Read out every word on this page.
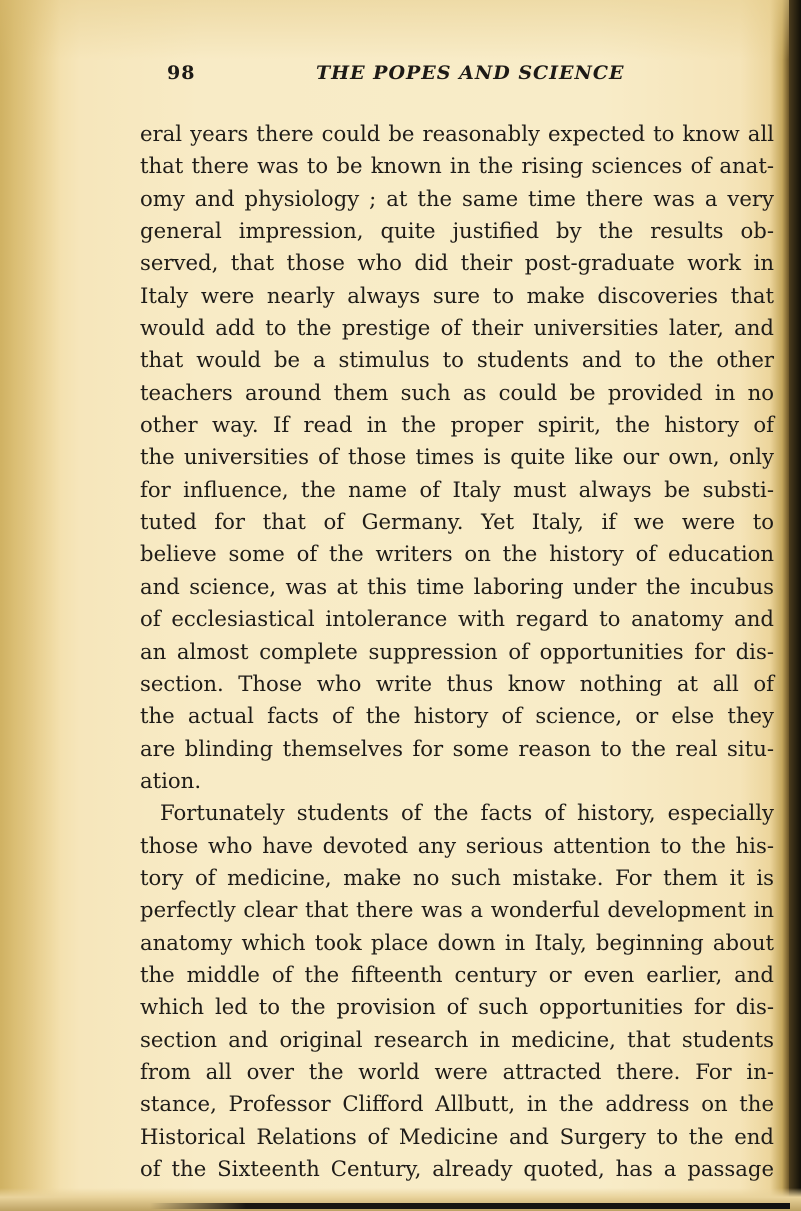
98	THE POPES AND SCIENCE
eral years there could be reasonably expected to know all
that there was to be known in the rising sciences of anat-
omy and physiology ; at the same time there was a very
general impression, quite justified by the results ob-
served, that those who did their post-graduate work in
Italy were nearly always sure to make discoveries that
would add to the prestige of their universities later, and
that would be a stimulus to students and to the other
teachers around them such as could be provided in no
other way. If read in the proper spirit, the history of
the universities of those times is quite like our own, only
for influence, the name of Italy must always be substi-
tuted for that of Germany. Yet Italy, if we were to
believe some of the writers on the history of education
and science, was at this time laboring under the incubus
of ecclesiastical intolerance with regard to anatomy and
an almost complete suppression of opportunities for dis-
section. Those who write thus know nothing at all of
the actual facts of the history of science, or else they
are blinding themselves for some reason to the real situ-
ation.
Fortunately students of the facts of history, especially
those who have devoted any serious attention to the his-
tory of medicine, make no such mistake. For them it is
perfectly clear that there was a wonderful development in
anatomy which took place down in Italy, beginning about
the middle of the fifteenth century or even earlier, and
which led to the provision of such opportunities for dis-
section and original research in medicine, that students
from all over the world were attracted there. For in-
stance, Professor Clifford Allbutt, in the address on the
Historical Relations of Medicine and Surgery to the end
of the Sixteenth Century, already quoted, has a passage
